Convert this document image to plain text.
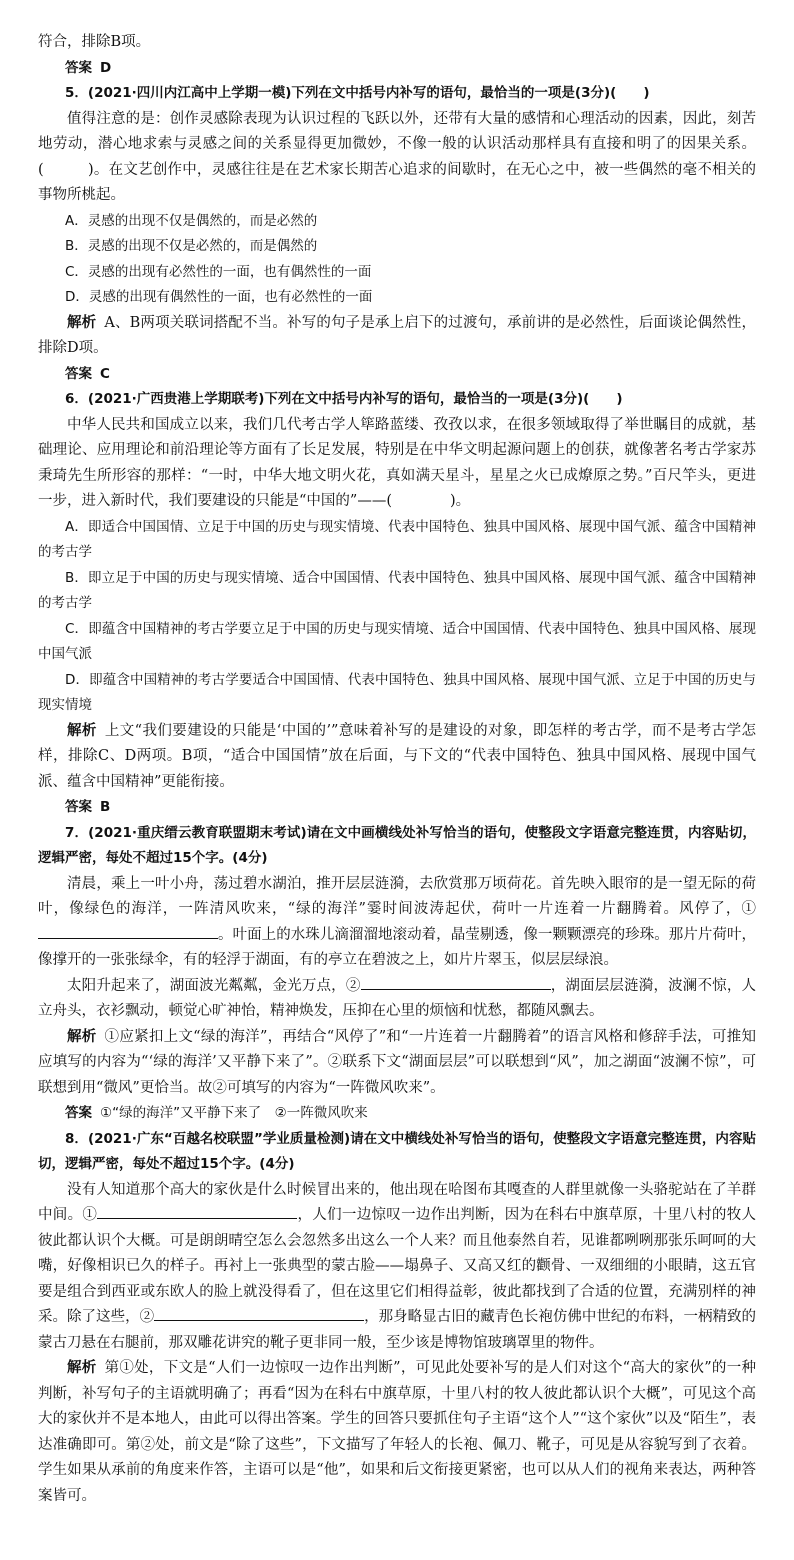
符合，排除B项。

答案 D

5．(2021·四川内江高中上学期一模)下列在文中括号内补写的语句，最恰当的一项是(3分)(　　)

值得注意的是：创作灵感除表现为认识过程的飞跃以外，还带有大量的感情和心理活动的因素，因此，刻苦地劳动，潜心地求索与灵感之间的关系显得更加微妙，不像一般的认识活动那样具有直接和明了的因果关系。(　　　)。在文艺创作中，灵感往往是在艺术家长期苦心追求的间歇时，在无心之中，被一些偶然的毫不相关的事物所桃起。

A．灵感的出现不仅是偶然的，而是必然的

B．灵感的出现不仅是必然的，而是偶然的

C．灵感的出现有必然性的一面，也有偶然性的一面

D．灵感的出现有偶然性的一面，也有必然性的一面

解析 A、B两项关联词搭配不当。补写的句子是承上启下的过渡句，承前讲的是必然性，后面谈论偶然性，排除D项。

答案 C

6．(2021·广西贵港上学期联考)下列在文中括号内补写的语句，最恰当的一项是(3分)(　　)

中华人民共和国成立以来，我们几代考古学人筚路蓝缕、孜孜以求，在很多领域取得了举世瞩目的成就，基础理论、应用理论和前沿理论等方面有了长足发展，特别是在中华文明起源问题上的创获，就像著名考古学家苏秉琦先生所形容的那样：“一时，中华大地文明火花，真如满天星斗，星星之火已成燎原之势。”百尺竿头，更进一步，进入新时代，我们要建设的只能是“中国的”——(　　　　)。

A．即适合中国国情、立足于中国的历史与现实情境、代表中国特色、独具中国风格、展现中国气派、蕴含中国精神的考古学

B．即立足于中国的历史与现实情境、适合中国国情、代表中国特色、独具中国风格、展现中国气派、蕴含中国精神的考古学

C．即蕴含中国精神的考古学要立足于中国的历史与现实情境、适合中国国情、代表中国特色、独具中国风格、展现中国气派

D．即蕴含中国精神的考古学要适合中国国情、代表中国特色、独具中国风格、展现中国气派、立足于中国的历史与现实情境

解析 上文“我们要建设的只能是‘中国的’”意味着补写的是建设的对象，即怎样的考古学，而不是考古学怎样，排除C、D两项。B项，“适合中国国情”放在后面，与下文的“代表中国特色、独具中国风格、展现中国气派、蕴含中国精神”更能衔接。

答案 B

7．(2021·重庆缙云教育联盟期末考试)请在文中画横线处补写恰当的语句，使整段文字语意完整连贯，内容贴切，逻辑严密，每处不超过15个字。(4分)

清晨，乘上一叶小舟，荡过碧水湖泊，推开层层涟漪，去欣赏那万顷荷花。首先映入眼帘的是一望无际的荷叶，像绿色的海洋，一阵清风吹来，“绿的海洋”霎时间波涛起伏，荷叶一片连着一片翻腾着。风停了，①。叶面上的水珠儿滴溜溜地滚动着，晶莹剔透，像一颗颗漂亮的珍珠。那片片荷叶，像撑开的一张张绿伞，有的轻浮于湖面，有的亭立在碧波之上，如片片翠玉，似层层绿浪。

太阳升起来了，湖面波光粼粼，金光万点，②	，湖面层层涟漪，波澜不惊，人立舟头，衣衫飘动，顿觉心旷神怡，精神焕发，压抑在心里的烦恼和忧愁，都随风飘去。

解析 ①应紧扣上文“绿的海洋”，再结合“风停了”和“一片连着一片翻腾着”的语言风格和修辞手法，可推知应填写的内容为“‘绿的海洋’又平静下来了”。②联系下文“湖面层层”可以联想到“风”，加之湖面“波澜不惊”，可联想到用“微风”更恰当。故②可填写的内容为“一阵微风吹来”。

答案 ①“绿的海洋”又平静下来了　②一阵微风吹来

8．(2021·广东“百越名校联盟”学业质量检测)请在文中横线处补写恰当的语句，使整段文字语意完整连贯，内容贴切，逻辑严密，每处不超过15个字。(4分)

没有人知道那个高大的家伙是什么时候冒出来的，他出现在哈图布其嘎查的人群里就像一头骆驼站在了羊群中间。①	，人们一边惊叹一边作出判断，因为在科右中旗草原，十里八村的牧人彼此都认识个大概。可是朗朗晴空怎么会忽然多出这么一个人来？而且他泰然自若，见谁都咧咧那张乐呵呵的大嘴，好像相识已久的样子。再衬上一张典型的蒙古脸——塌鼻子、又高又红的颧骨、一双细细的小眼睛，这五官要是组合到西亚或东欧人的脸上就没得看了，但在这里它们相得益彰，彼此都找到了合适的位置，充满别样的神采。除了这些，②	，那身略显古旧的藏青色长袍仿佛中世纪的布料，一柄精致的蒙古刀悬在右腿前，那双雕花讲究的靴子更非同一般，至少该是博物馆玻璃罩里的物件。

解析 第①处，下文是“人们一边惊叹一边作出判断”，可见此处要补写的是人们对这个“高大的家伙”的一种判断，补写句子的主语就明确了；再看“因为在科右中旗草原，十里八村的牧人彼此都认识个大概”，可见这个高大的家伙并不是本地人，由此可以得出答案。学生的回答只要抓住句子主语“这个人”“这个家伙”以及“陌生”，表达准确即可。第②处，前文是“除了这些”，下文描写了年轻人的长袍、佩刀、靴子，可见是从容貌写到了衣着。学生如果从承前的角度来作答，主语可以是“他”，如果和后文衔接更紧密，也可以从人们的视角来表达，两种答案皆可。
